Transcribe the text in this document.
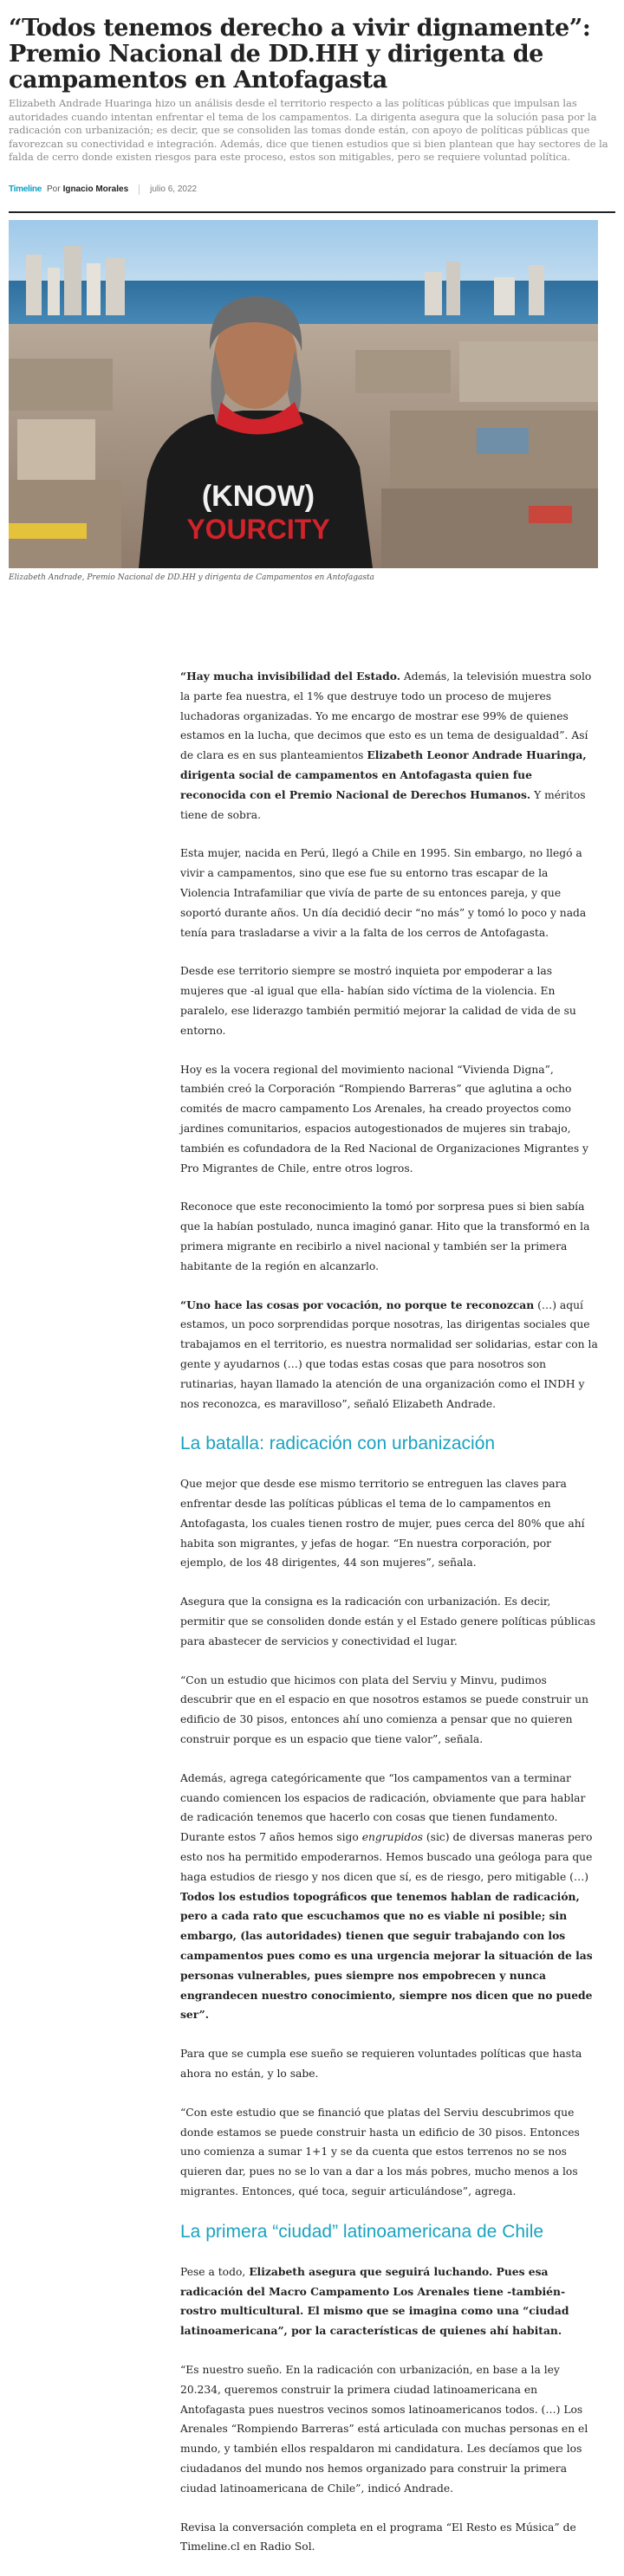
“Todos tenemos derecho a vivir dignamente”: Premio Nacional de DD.HH y dirigenta de campamentos en Antofagasta

Elizabeth Andrade Huaringa hizo un análisis desde el territorio respecto a las políticas públicas que impulsan las autoridades cuando intentan enfrentar el tema de los campamentos. La dirigenta asegura que la solución pasa por la radicación con urbanización; es decir, que se consoliden las tomas donde están, con apoyo de políticas públicas que favorezcan su conectividad e integración. Además, dice que tienen estudios que si bien plantean que hay sectores de la falda de cerro donde existen riesgos para este proceso, estos son mitigables, pero se requiere voluntad política.

Timeline Por Ignacio Morales	julio 6, 2022
(KNOW)
YOURCITY

Elizabeth Andrade, Premio Nacional de DD.HH y dirigenta de Campamentos en Antofagasta

“Hay mucha invisibilidad del Estado. Además, la televisión muestra solo la parte fea nuestra, el 1% que destruye todo un proceso de mujeres luchadoras organizadas. Yo me encargo de mostrar ese 99% de quienes estamos en la lucha, que decimos que esto es un tema de desigualdad”. Así de clara es en sus planteamientos Elizabeth Leonor Andrade Huaringa, dirigenta social de campamentos en Antofagasta quien fue reconocida con el Premio Nacional de Derechos Humanos. Y méritos tiene de sobra.

Esta mujer, nacida en Perú, llegó a Chile en 1995. Sin embargo, no llegó a vivir a campamentos, sino que ese fue su entorno tras escapar de la Violencia Intrafamiliar que vivía de parte de su entonces pareja, y que soportó durante años. Un día decidió decir “no más” y tomó lo poco y nada tenía para trasladarse a vivir a la falta de los cerros de Antofagasta.

Desde ese territorio siempre se mostró inquieta por empoderar a las mujeres que -al igual que ella- habían sido víctima de la violencia. En paralelo, ese liderazgo también permitió mejorar la calidad de vida de su entorno.

Hoy es la vocera regional del movimiento nacional “Vivienda Digna”, también creó la Corporación “Rompiendo Barreras” que aglutina a ocho comités de macro campamento Los Arenales, ha creado proyectos como jardines comunitarios, espacios autogestionados de mujeres sin trabajo, también es cofundadora de la Red Nacional de Organizaciones Migrantes y Pro Migrantes de Chile, entre otros logros.

Reconoce que este reconocimiento la tomó por sorpresa pues si bien sabía que la habían postulado, nunca imaginó ganar. Hito que la transformó en la primera migrante en recibirlo a nivel nacional y también ser la primera habitante de la región en alcanzarlo.

“Uno hace las cosas por vocación, no porque te reconozcan (…) aquí estamos, un poco sorprendidas porque nosotras, las dirigentas sociales que trabajamos en el territorio, es nuestra normalidad ser solidarias, estar con la gente y ayudarnos (…) que todas estas cosas que para nosotros son rutinarias, hayan llamado la atención de una organización como el INDH y nos reconozca, es maravilloso”, señaló Elizabeth Andrade.

La batalla: radicación con urbanización

Que mejor que desde ese mismo territorio se entreguen las claves para enfrentar desde las políticas públicas el tema de lo campamentos en Antofagasta, los cuales tienen rostro de mujer, pues cerca del 80% que ahí habita son migrantes, y jefas de hogar. “En nuestra corporación, por ejemplo, de los 48 dirigentes, 44 son mujeres”, señala.

Asegura que la consigna es la radicación con urbanización. Es decir, permitir que se consoliden donde están y el Estado genere políticas públicas para abastecer de servicios y conectividad el lugar.

“Con un estudio que hicimos con plata del Serviu y Minvu, pudimos descubrir que en el espacio en que nosotros estamos se puede construir un edificio de 30 pisos, entonces ahí uno comienza a pensar que no quieren construir porque es un espacio que tiene valor”, señala.

Además, agrega categóricamente que “los campamentos van a terminar cuando comiencen los espacios de radicación, obviamente que para hablar de radicación tenemos que hacerlo con cosas que tienen fundamento. Durante estos 7 años hemos sigo engrupidos (sic) de diversas maneras pero esto nos ha permitido empoderarnos. Hemos buscado una geóloga para que haga estudios de riesgo y nos dicen que sí, es de riesgo, pero mitigable (…) Todos los estudios topográficos que tenemos hablan de radicación, pero a cada rato que escuchamos que no es viable ni posible; sin embargo, (las autoridades) tienen que seguir trabajando con los campamentos pues como es una urgencia mejorar la situación de las personas vulnerables, pues siempre nos empobrecen y nunca engrandecen nuestro conocimiento, siempre nos dicen que no puede ser”.

Para que se cumpla ese sueño se requieren voluntades políticas que hasta ahora no están, y lo sabe.

“Con este estudio que se financió que platas del Serviu descubrimos que donde estamos se puede construir hasta un edificio de 30 pisos. Entonces uno comienza a sumar 1+1 y se da cuenta que estos terrenos no se nos quieren dar, pues no se lo van a dar a los más pobres, mucho menos a los migrantes. Entonces, qué toca, seguir articulándose”, agrega.

La primera “ciudad” latinoamericana de Chile

Pese a todo, Elizabeth asegura que seguirá luchando. Pues esa radicación del Macro Campamento Los Arenales tiene -también- rostro multicultural. El mismo que se imagina como una “ciudad latinoamericana”, por la características de quienes ahí habitan.

“Es nuestro sueño. En la radicación con urbanización, en base a la ley 20.234, queremos construir la primera ciudad latinoamericana en Antofagasta pues nuestros vecinos somos latinoamericanos todos. (…) Los Arenales “Rompiendo Barreras” está articulada con muchas personas en el mundo, y también ellos respaldaron mi candidatura. Les decíamos que los ciudadanos del mundo nos hemos organizado para construir la primera ciudad latinoamericana de Chile”, indicó Andrade.

Revisa la conversación completa en el programa “El Resto es Música” de Timeline.cl en Radio Sol.
